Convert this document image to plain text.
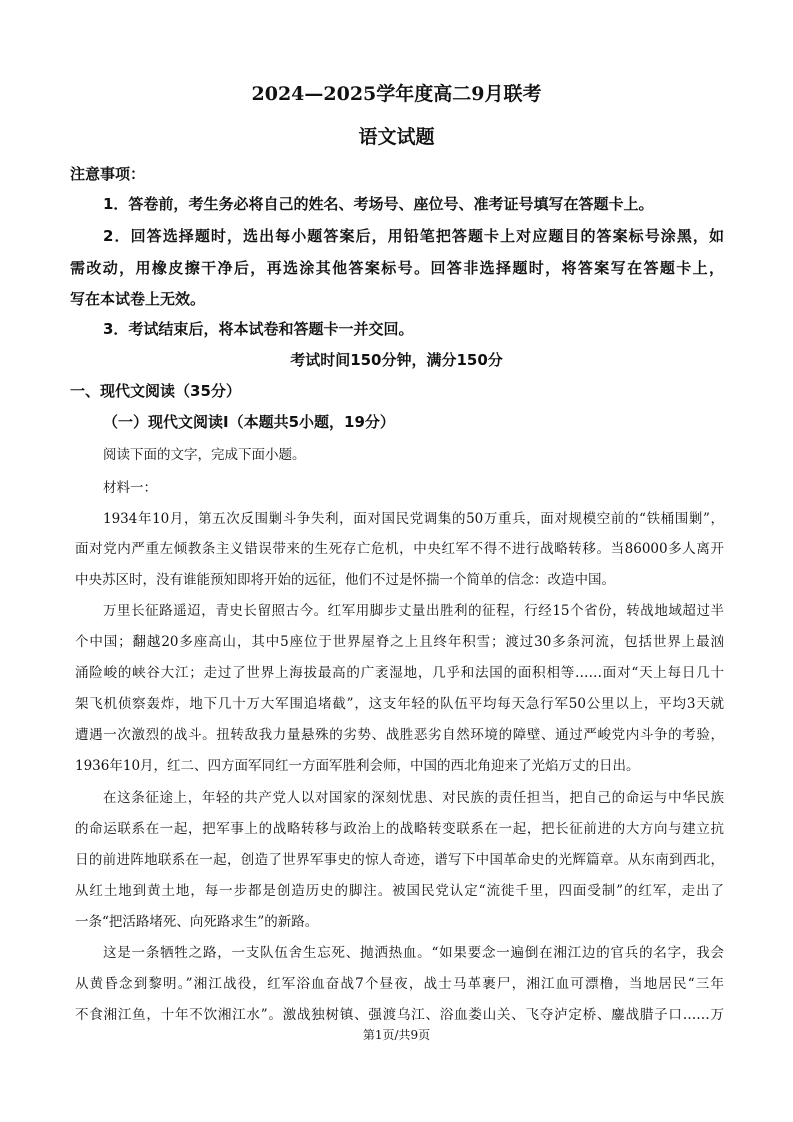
2024—2025学年度高二9月联考
语文试题
注意事项：
1．答卷前，考生务必将自己的姓名、考场号、座位号、准考证号填写在答题卡上。
2．回答选择题时，选出每小题答案后，用铅笔把答题卡上对应题目的答案标号涂黑，如
需改动，用橡皮擦干净后，再选涂其他答案标号。回答非选择题时，将答案写在答题卡上，
写在本试卷上无效。
3．考试结束后，将本试卷和答题卡一并交回。
考试时间150分钟，满分150分
一、现代文阅读（35分）
（一）现代文阅读Ⅰ（本题共5小题，19分）
阅读下面的文字，完成下面小题。
材料一：
1934年10月，第五次反围剿斗争失利，面对国民党调集的50万重兵，面对规模空前的“铁桶围剿”，
面对党内严重左倾教条主义错误带来的生死存亡危机，中央红军不得不进行战略转移。当86000多人离开
中央苏区时，没有谁能预知即将开始的远征，他们不过是怀揣一个简单的信念：改造中国。
万里长征路遥迢，青史长留照古今。红军用脚步丈量出胜利的征程，行经15个省份，转战地域超过半
个中国；翻越20多座高山，其中5座位于世界屋脊之上且终年积雪；渡过30多条河流，包括世界上最汹
涌险峻的峡谷大江；走过了世界上海拔最高的广袤湿地，几乎和法国的面积相等……面对“天上每日几十
架飞机侦察轰炸，地下几十万大军围追堵截”，这支年轻的队伍平均每天急行军50公里以上，平均3天就
遭遇一次激烈的战斗。扭转敌我力量悬殊的劣势、战胜恶劣自然环境的障壁、通过严峻党内斗争的考验，
1936年10月，红二、四方面军同红一方面军胜利会师，中国的西北角迎来了光焰万丈的日出。
在这条征途上，年轻的共产党人以对国家的深刻忧患、对民族的责任担当，把自己的命运与中华民族
的命运联系在一起，把军事上的战略转移与政治上的战略转变联系在一起，把长征前进的大方向与建立抗
日的前进阵地联系在一起，创造了世界军事史的惊人奇迹，谱写下中国革命史的光辉篇章。从东南到西北，
从红土地到黄土地，每一步都是创造历史的脚注。被国民党认定“流徙千里，四面受制”的红军，走出了
一条“把活路堵死、向死路求生”的新路。
这是一条牺牲之路，一支队伍舍生忘死、抛洒热血。“如果要念一遍倒在湘江边的官兵的名字，我会
从黄昏念到黎明。”湘江战役，红军浴血奋战7个昼夜，战士马革裹尸，湘江血可漂橹，当地居民“三年
不食湘江鱼，十年不饮湘江水”。激战独树镇、强渡乌江、浴血娄山关、飞夺泸定桥、鏖战腊子口……万
第1页/共9页
